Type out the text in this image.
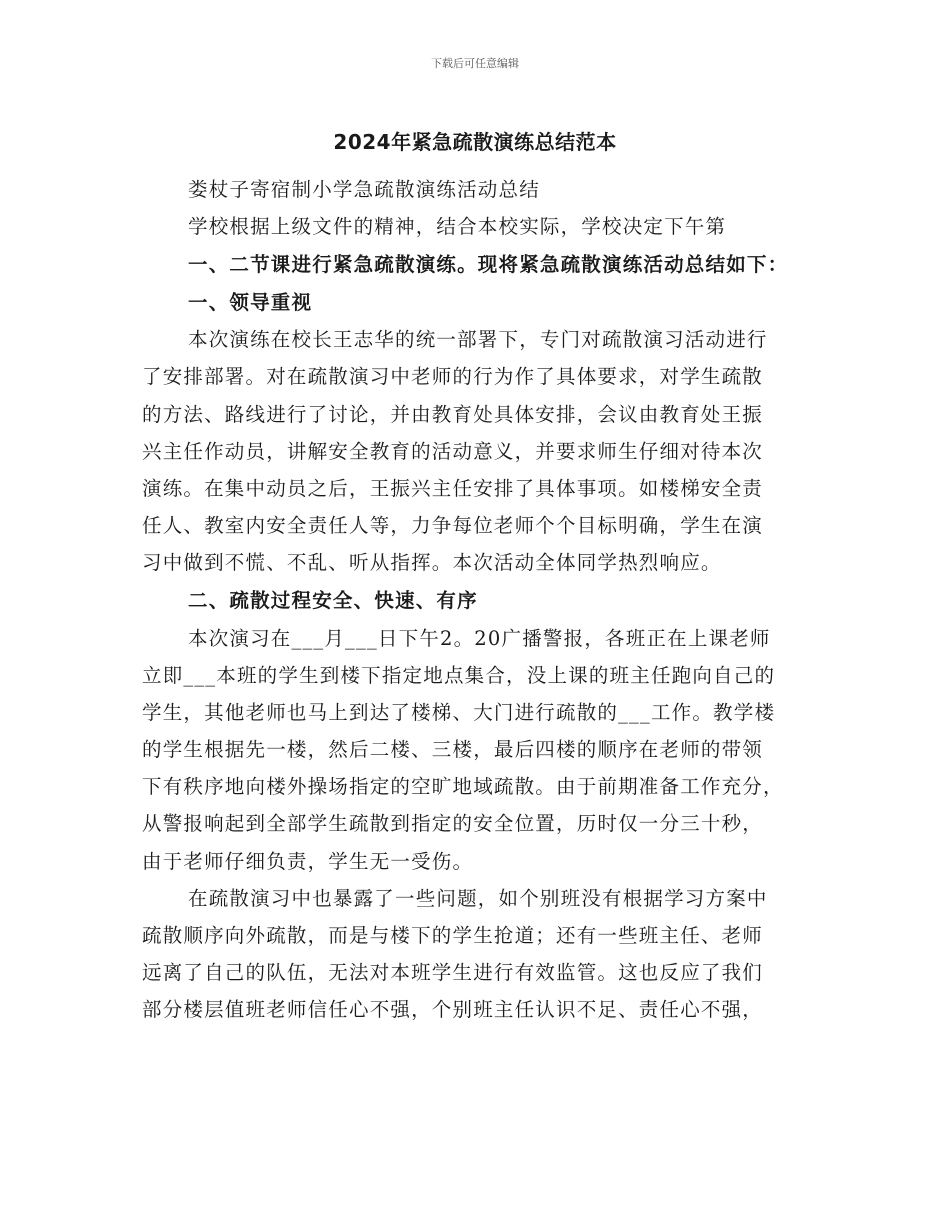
下载后可任意编辑
2024年紧急疏散演练总结范本
娄杖子寄宿制小学急疏散演练活动总结
学校根据上级文件的精神，结合本校实际，学校决定下午第
一、二节课进行紧急疏散演练。现将紧急疏散演练活动总结如下：
一、领导重视
本次演练在校长王志华的统一部署下，专门对疏散演习活动进行
了安排部署。对在疏散演习中老师的行为作了具体要求，对学生疏散
的方法、路线进行了讨论，并由教育处具体安排，会议由教育处王振
兴主任作动员，讲解安全教育的活动意义，并要求师生仔细对待本次
演练。在集中动员之后，王振兴主任安排了具体事项。如楼梯安全责
任人、教室内安全责任人等，力争每位老师个个目标明确，学生在演
习中做到不慌、不乱、听从指挥。本次活动全体同学热烈响应。
二、疏散过程安全、快速、有序
本次演习在___月___日下午2。20广播警报，各班正在上课老师
立即___本班的学生到楼下指定地点集合，没上课的班主任跑向自己的
学生，其他老师也马上到达了楼梯、大门进行疏散的___工作。教学楼
的学生根据先一楼，然后二楼、三楼，最后四楼的顺序在老师的带领
下有秩序地向楼外操场指定的空旷地域疏散。由于前期准备工作充分，
从警报响起到全部学生疏散到指定的安全位置，历时仅一分三十秒，
由于老师仔细负责，学生无一受伤。
在疏散演习中也暴露了一些问题，如个别班没有根据学习方案中
疏散顺序向外疏散，而是与楼下的学生抢道；还有一些班主任、老师
远离了自己的队伍，无法对本班学生进行有效监管。这也反应了我们
部分楼层值班老师信任心不强，个别班主任认识不足、责任心不强，
